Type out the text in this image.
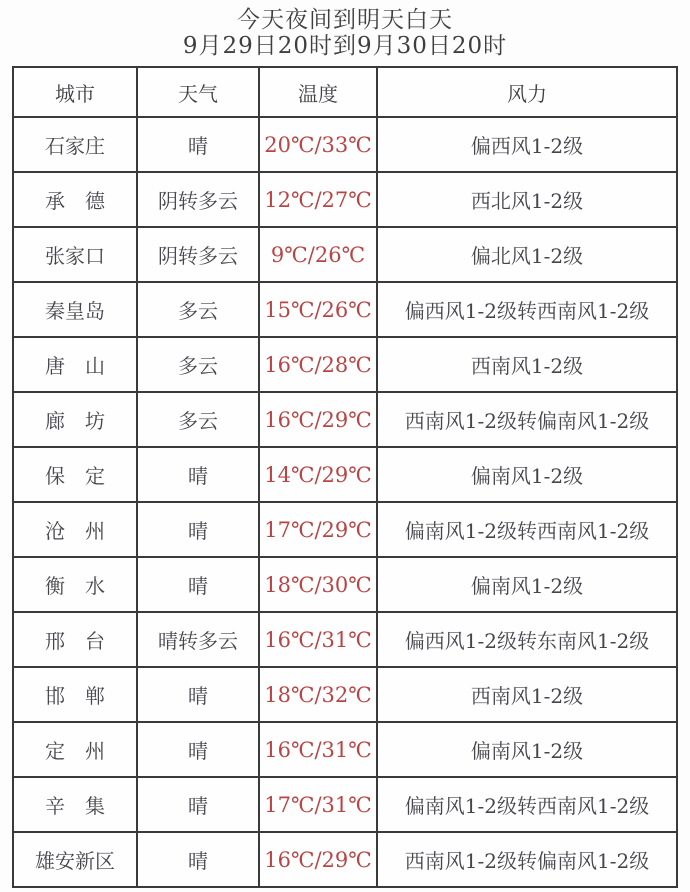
今天夜间到明天白天
9月29日20时到9月30日20时
城市	天气	温度	风力
石家庄	晴	20℃/33℃	偏西风1-2级
承　德	阴转多云	12℃/27℃	西北风1-2级
张家口	阴转多云	9℃/26℃	偏北风1-2级
秦皇岛	多云	15℃/26℃	偏西风1-2级转西南风1-2级
唐　山	多云	16℃/28℃	西南风1-2级
廊　坊	多云	16℃/29℃	西南风1-2级转偏南风1-2级
保　定	晴	14℃/29℃	偏南风1-2级
沧　州	晴	17℃/29℃	偏南风1-2级转西南风1-2级
衡　水	晴	18℃/30℃	偏南风1-2级
邢　台	晴转多云	16℃/31℃	偏西风1-2级转东南风1-2级
邯　郸	晴	18℃/32℃	西南风1-2级
定　州	晴	16℃/31℃	偏南风1-2级
辛　集	晴	17℃/31℃	偏南风1-2级转西南风1-2级
雄安新区	晴	16℃/29℃	西南风1-2级转偏南风1-2级
